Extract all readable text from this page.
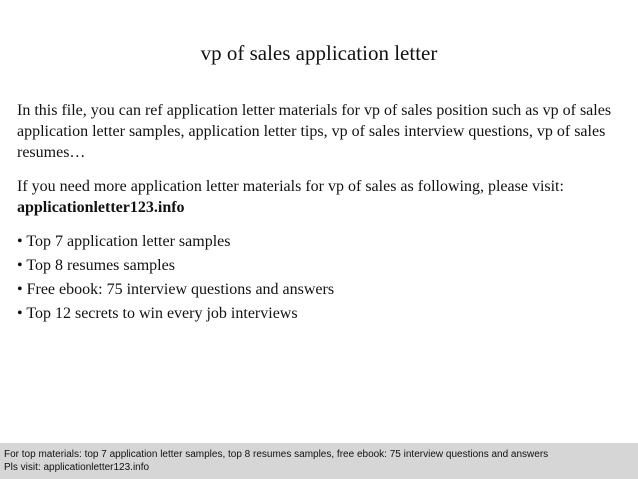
vp of sales application letter

In this file, you can ref application letter materials for vp of sales position such as vp of sales application letter samples, application letter tips, vp of sales interview questions, vp of sales resumes…

If you need more application letter materials for vp of sales as following, please visit: applicationletter123.info

• Top 7 application letter samples
• Top 8 resumes samples
• Free ebook: 75 interview questions and answers
• Top 12 secrets to win every job interviews
For top materials: top 7 application letter samples, top 8 resumes samples, free ebook: 75 interview questions and answers
Pls visit: applicationletter123.info
